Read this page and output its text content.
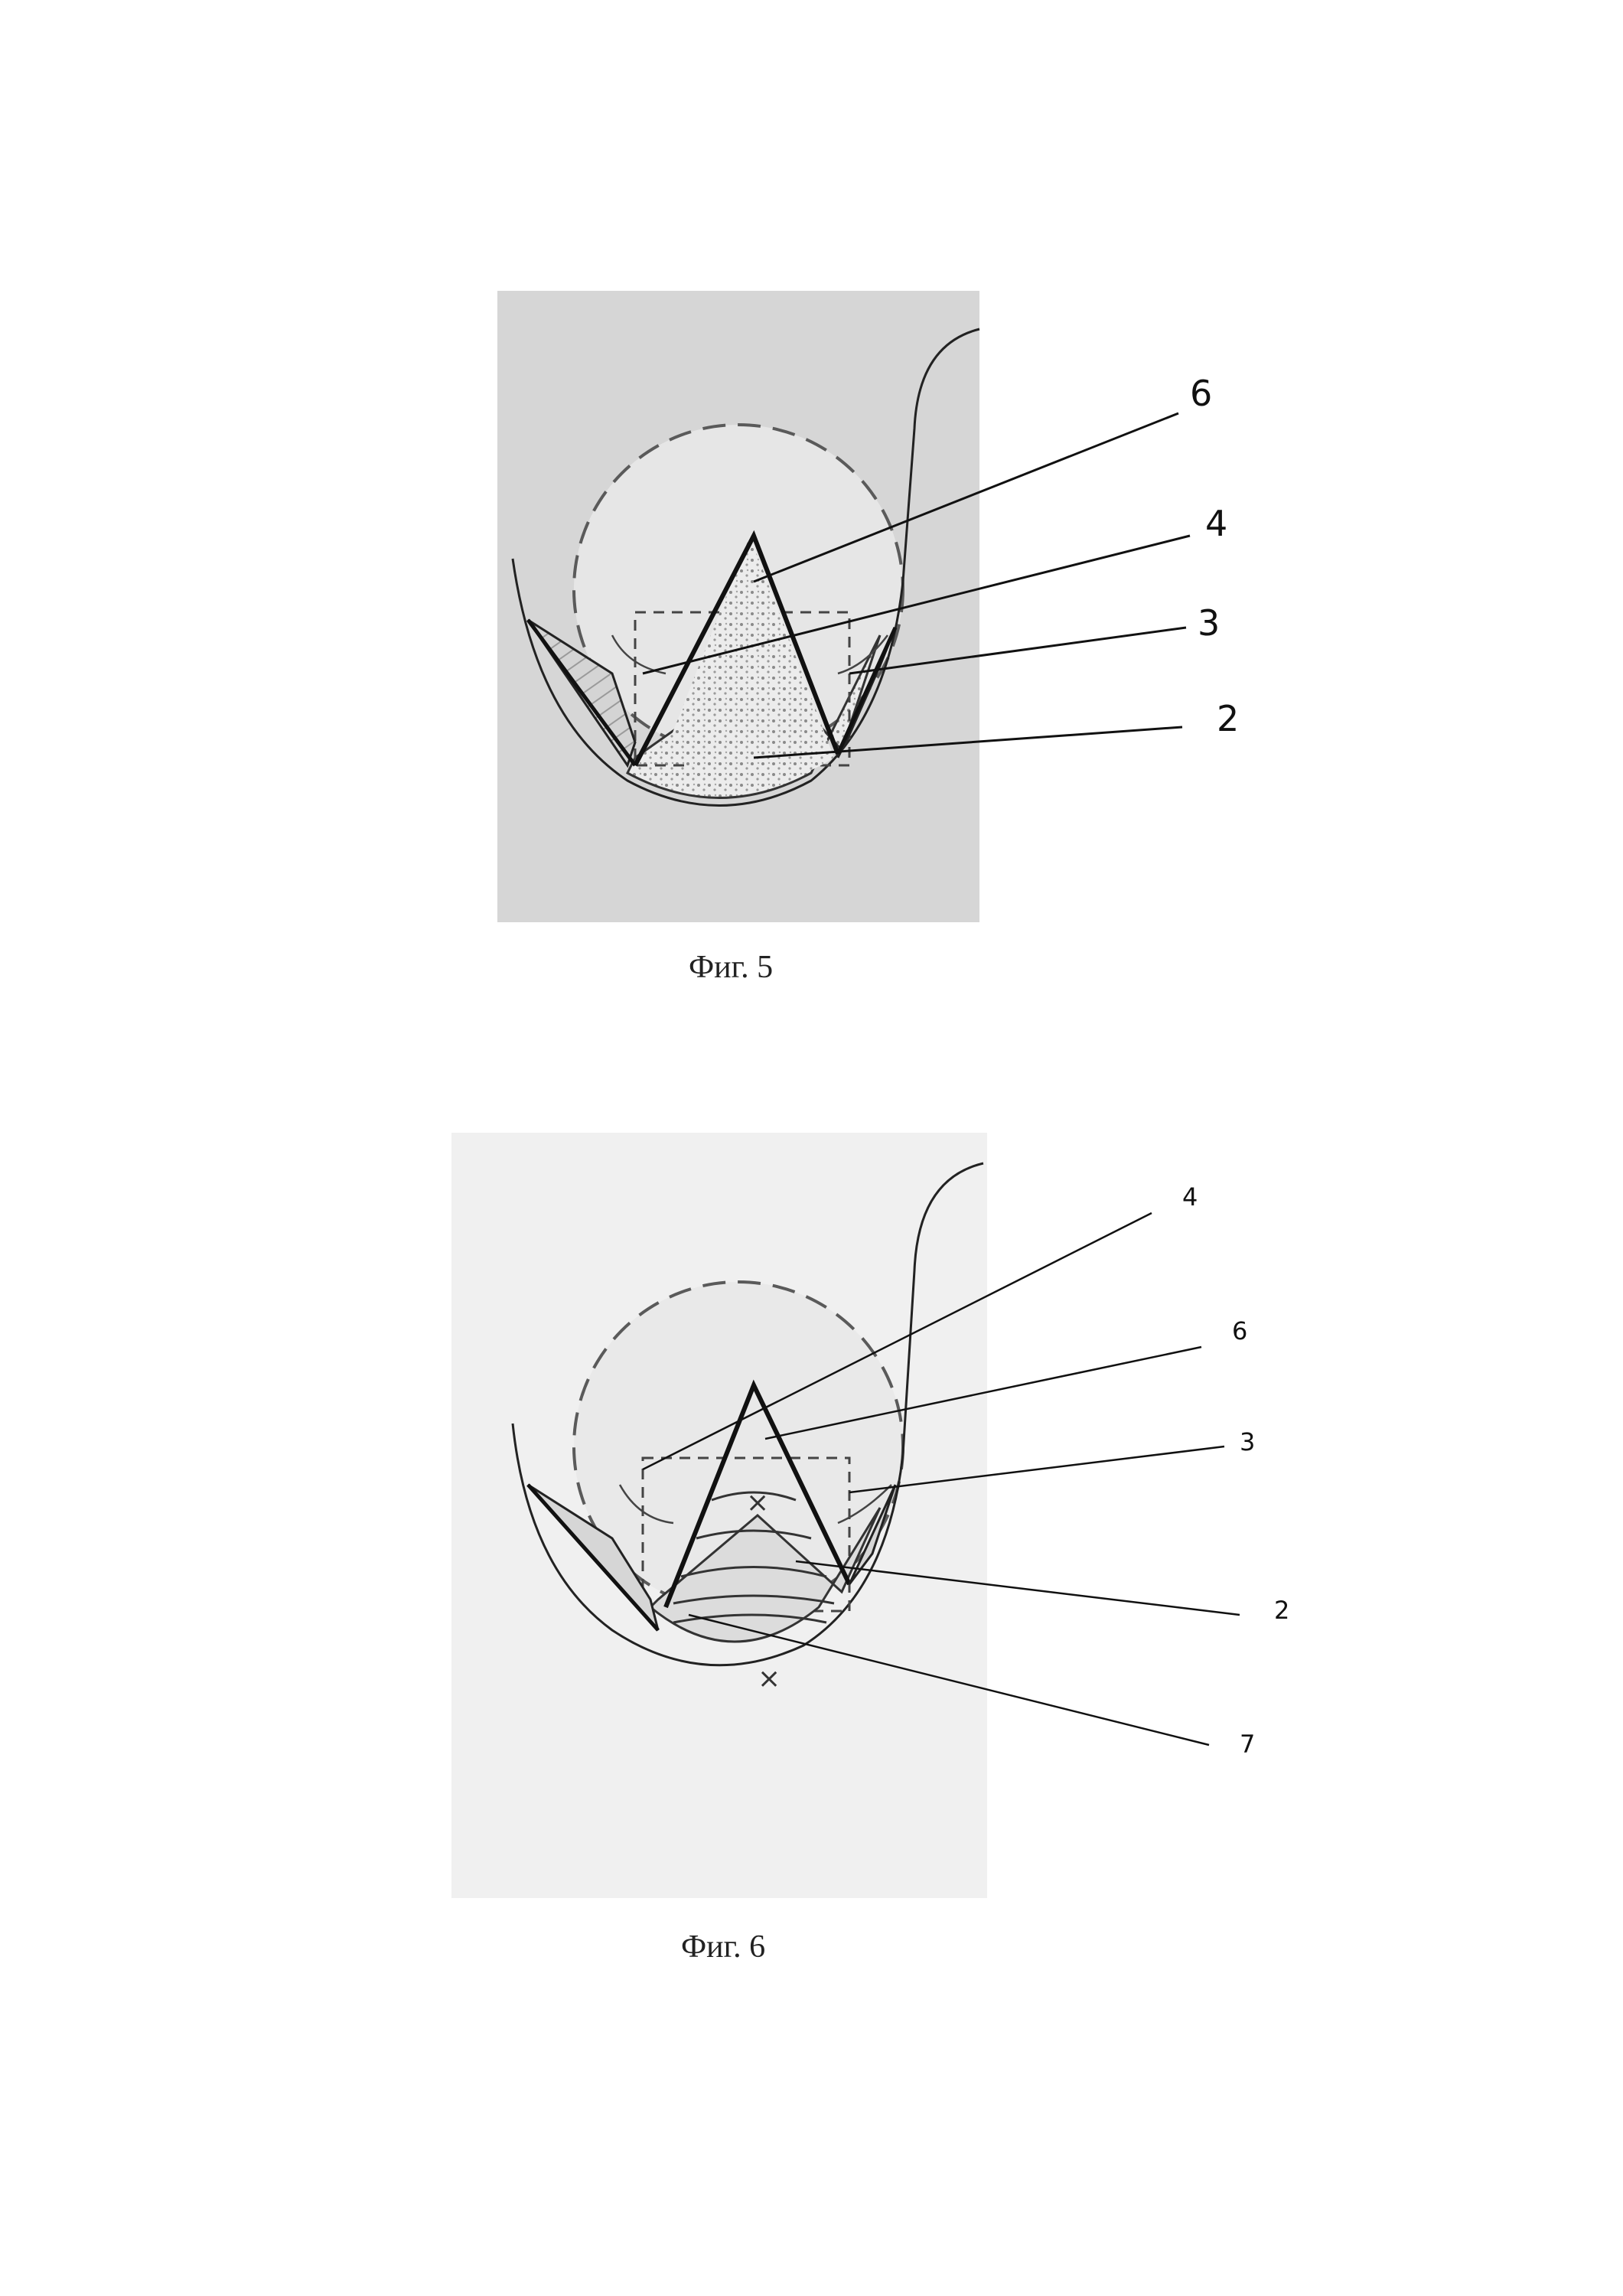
6
4
3
2
Фиг. 5
×
×
4
6
3
2
7
Фиг. 6
